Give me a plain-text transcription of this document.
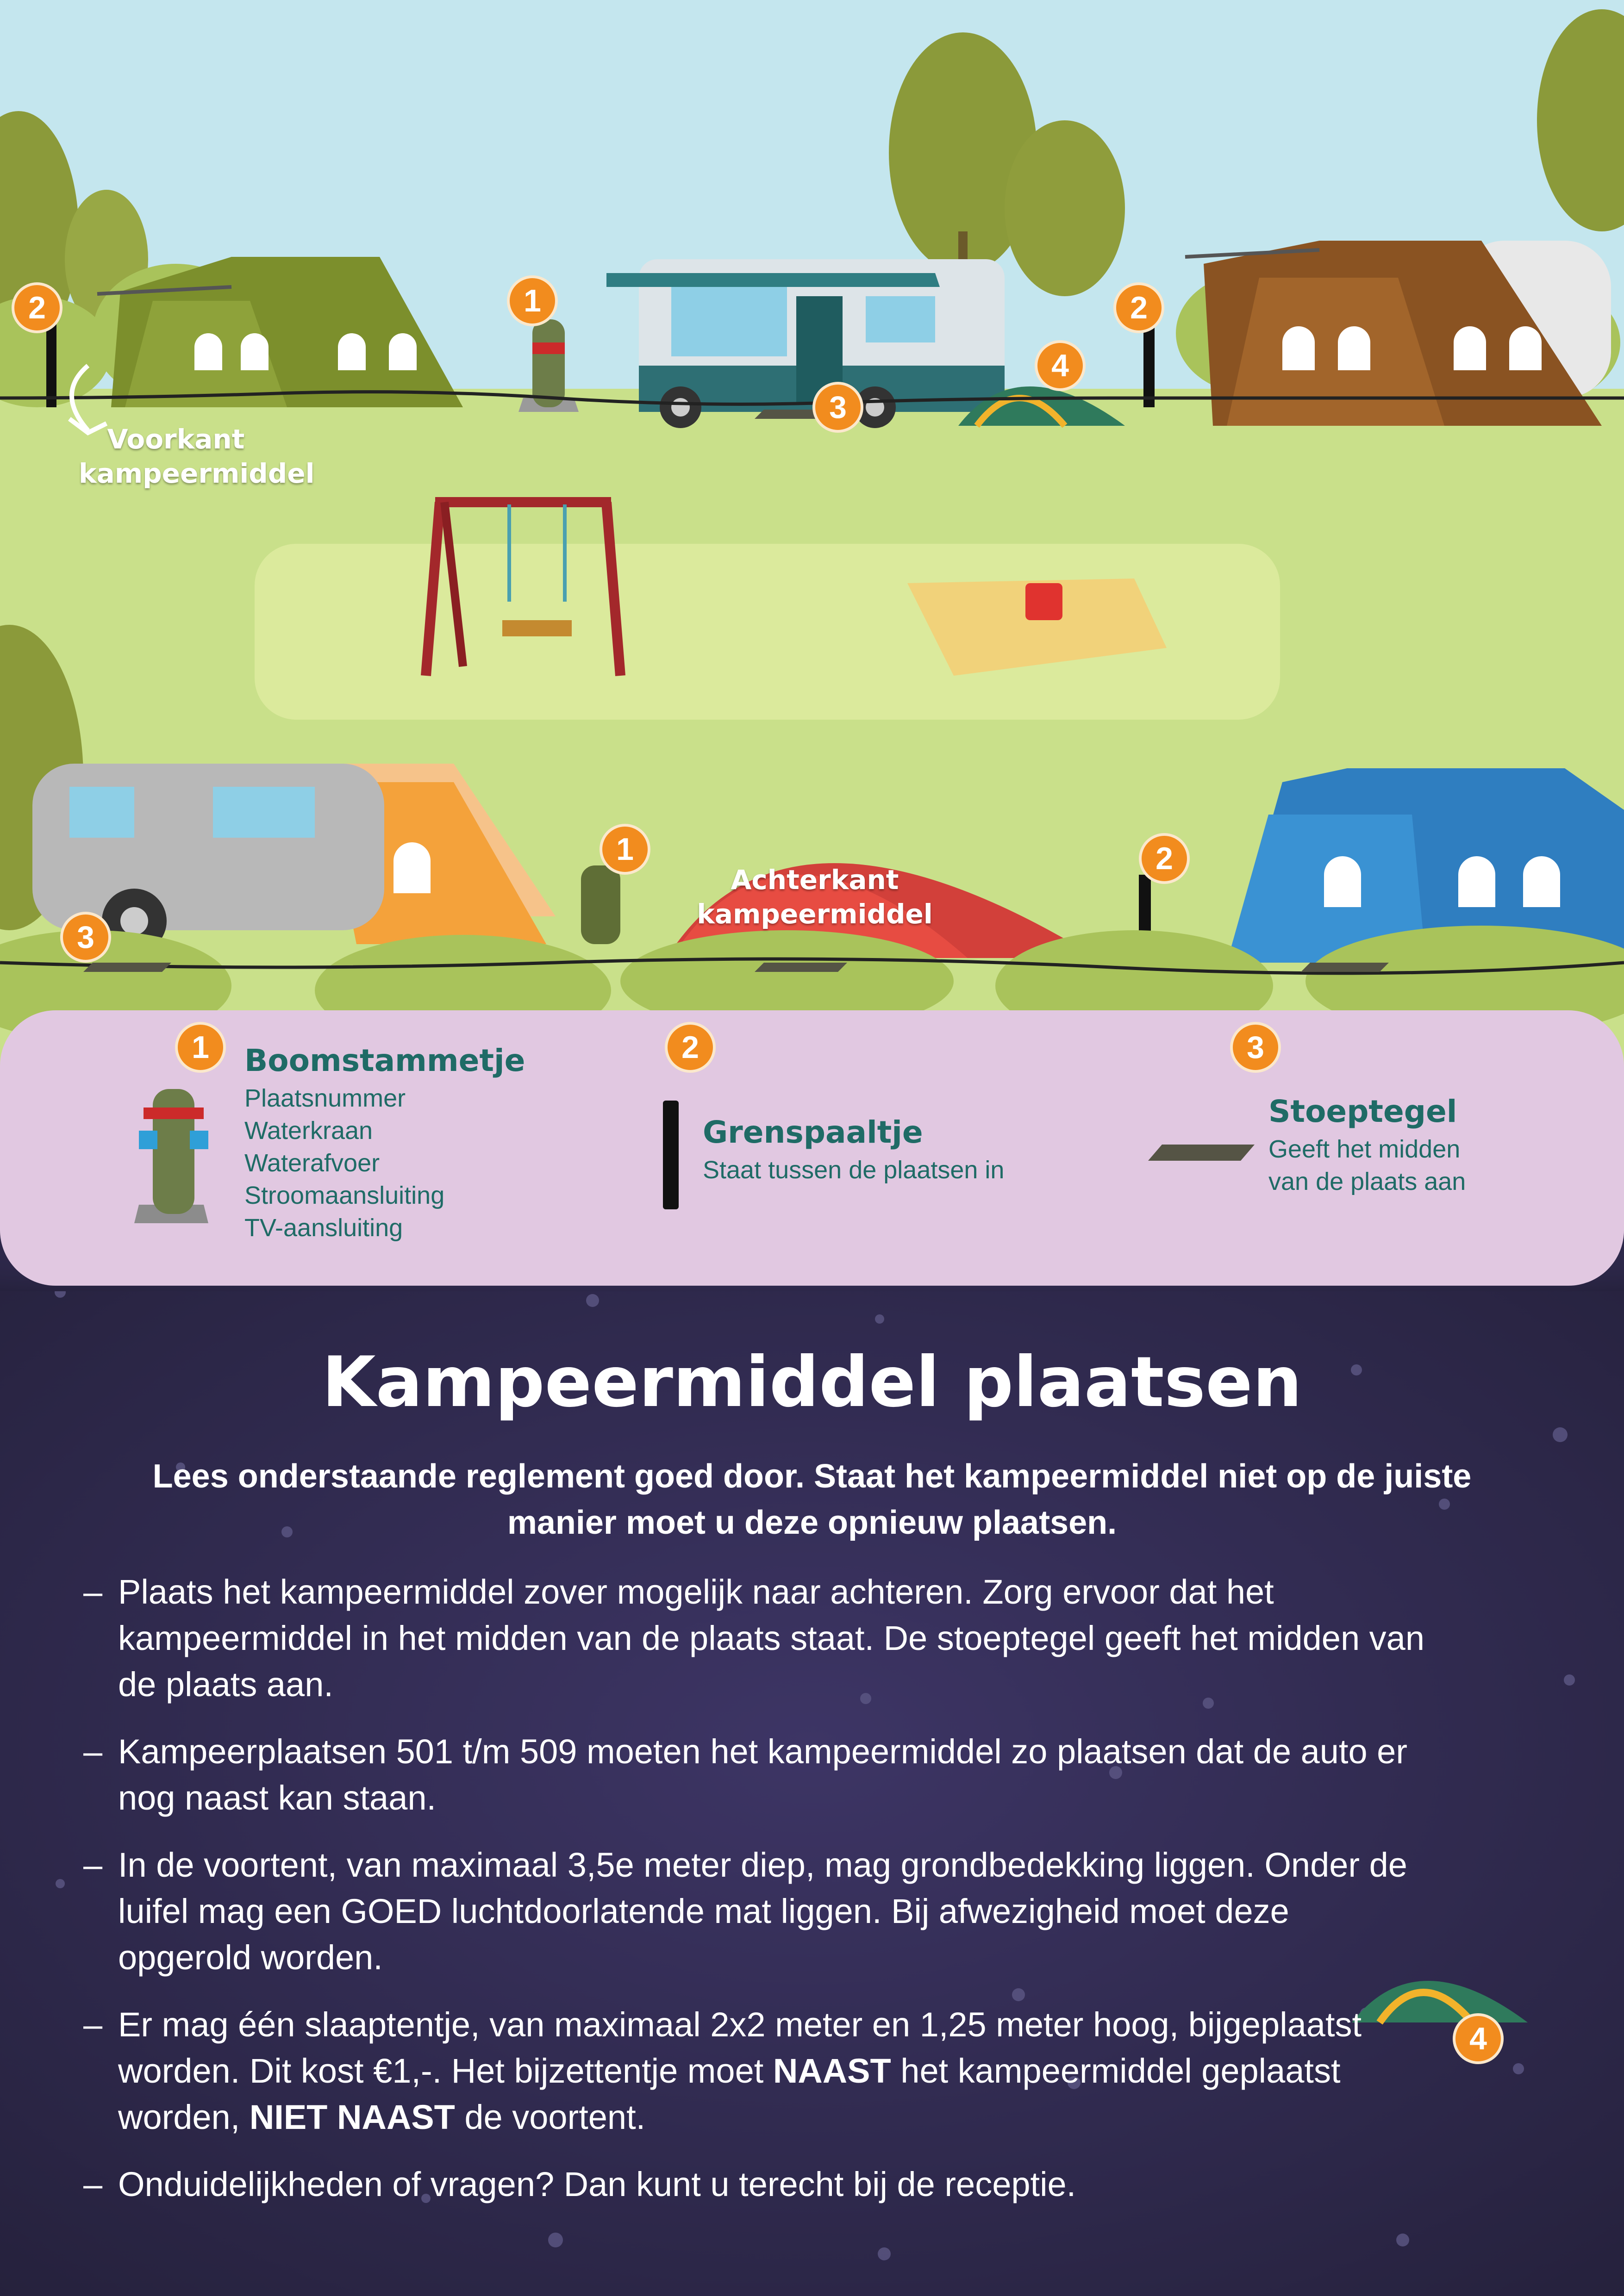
2	1
3
4
2
1	2
3
Voorkant
kampeermiddel
Achterkant
kampeermiddel
1	Boomstammetje
Plaatsnummer
Waterkraan
Waterafvoer
Stroomaansluiting
TV-aansluiting
2
Grenspaaltje
Staat tussen de plaatsen in
3
Stoeptegel
Geeft het midden
van de plaats aan
4
Kampeermiddel plaatsen
Lees onderstaande reglement goed door. Staat het kampeermiddel niet op de juiste manier moet u deze opnieuw plaatsen.
– Plaats het kampeermiddel zover mogelijk naar achteren. Zorg ervoor dat het kampeermiddel in het midden van de plaats staat. De stoeptegel geeft het midden van de plaats aan.
– Kampeerplaatsen 501 t/m 509 moeten het kampeermiddel zo plaatsen dat de auto er nog naast kan staan.
– In de voortent, van maximaal 3,5e meter diep, mag grondbedekking liggen. Onder de luifel mag een GOED luchtdoorlatende mat liggen. Bij afwezigheid moet deze opgerold worden.
– Er mag één slaaptentje, van maximaal 2x2 meter en 1,25 meter hoog, bijgeplaatst worden. Dit kost €1,-. Het bijzettentje moet NAAST het kampeermiddel geplaatst worden, NIET NAAST de voortent.
– Onduidelijkheden of vragen? Dan kunt u terecht bij de receptie.
